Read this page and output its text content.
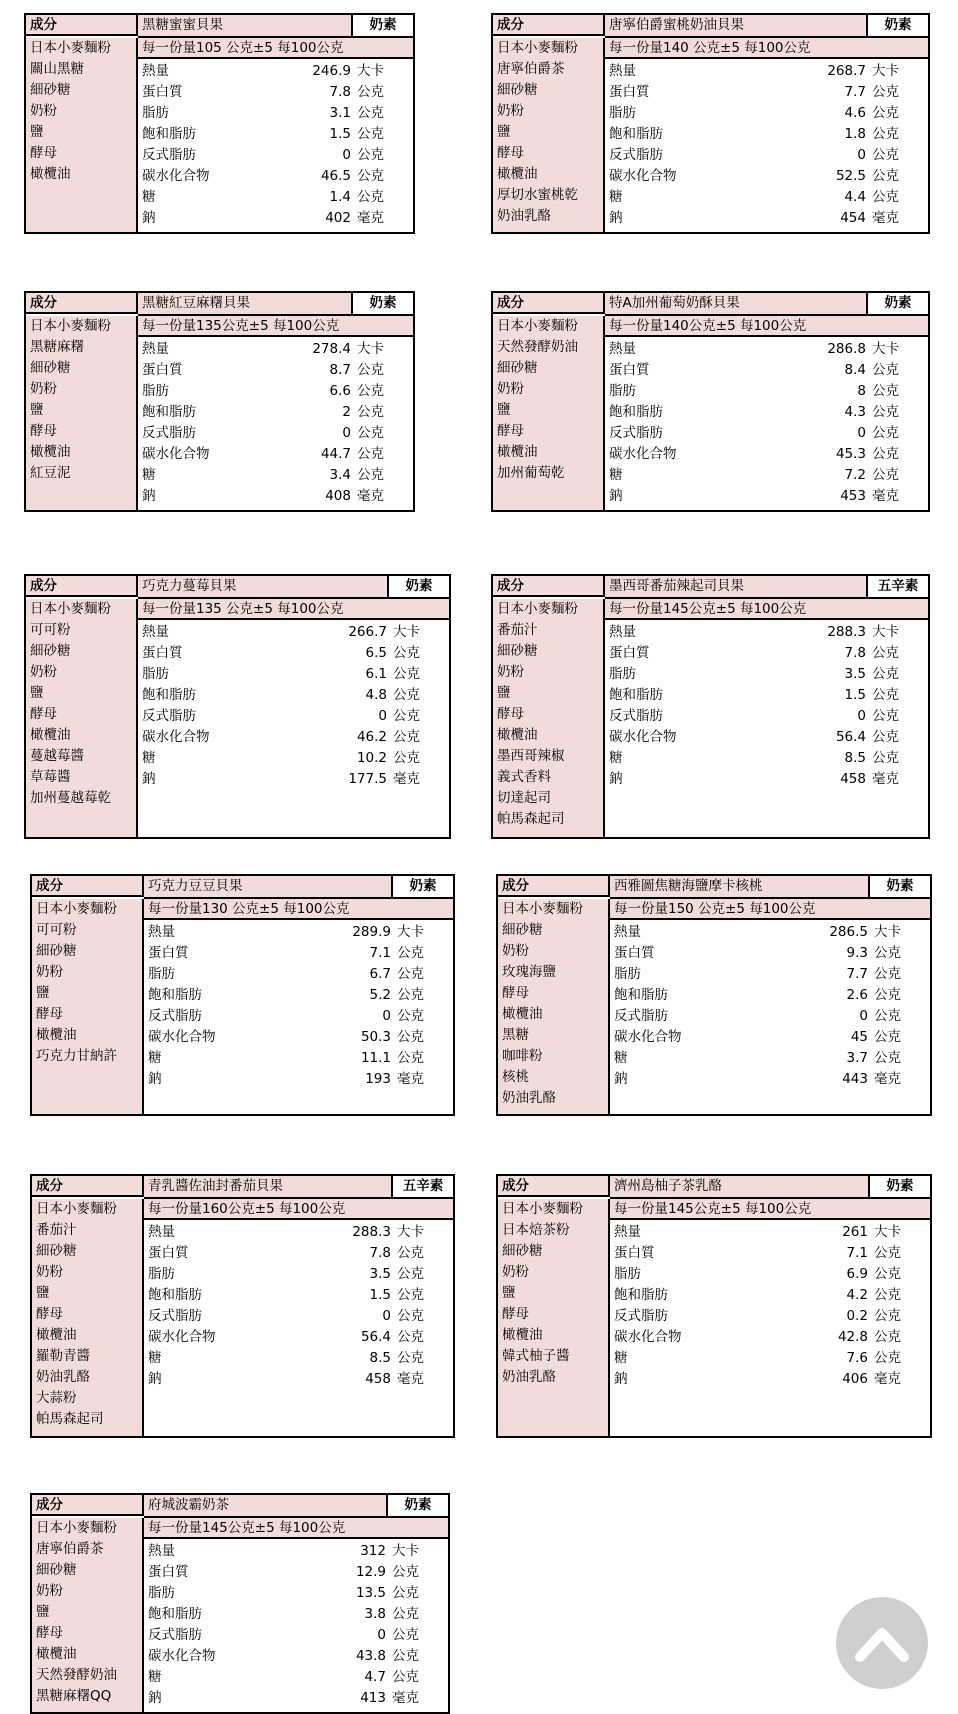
成分	黑糖蜜蜜貝果	奶素
日本小麥麵粉
關山黑糖
細砂糖
奶粉
鹽
酵母
橄欖油
每一份量105 公克±5 每100公克
熱量	246.9 大卡
蛋白質	7.8 公克
脂肪	3.1 公克
飽和脂肪	1.5 公克
反式脂肪	0 公克
碳水化合物	46.5 公克
糖	1.4 公克
鈉	402 毫克
成分	唐寧伯爵蜜桃奶油貝果	奶素
日本小麥麵粉
唐寧伯爵茶
細砂糖
奶粉
鹽
酵母
橄欖油
厚切水蜜桃乾
奶油乳酪
每一份量140 公克±5 每100公克
熱量	268.7 大卡
蛋白質	7.7 公克
脂肪	4.6 公克
飽和脂肪	1.8 公克
反式脂肪	0 公克
碳水化合物	52.5 公克
糖	4.4 公克
鈉	454 毫克
成分	黑糖紅豆麻糬貝果	奶素
日本小麥麵粉
黑糖麻糬
細砂糖
奶粉
鹽
酵母
橄欖油
紅豆泥
每一份量135公克±5 每100公克
熱量	278.4 大卡
蛋白質	8.7 公克
脂肪	6.6 公克
飽和脂肪	2 公克
反式脂肪	0 公克
碳水化合物	44.7 公克
糖	3.4 公克
鈉	408 毫克
成分	特A加州葡萄奶酥貝果	奶素
日本小麥麵粉
天然發酵奶油
細砂糖
奶粉
鹽
酵母
橄欖油
加州葡萄乾
每一份量140公克±5 每100公克
熱量	286.8 大卡
蛋白質	8.4 公克
脂肪	8 公克
飽和脂肪	4.3 公克
反式脂肪	0 公克
碳水化合物	45.3 公克
糖	7.2 公克
鈉	453 毫克
成分	巧克力蔓莓貝果	奶素
日本小麥麵粉
可可粉
細砂糖
奶粉
鹽
酵母
橄欖油
蔓越莓醬
草莓醬
加州蔓越莓乾
每一份量135 公克±5 每100公克
熱量	266.7 大卡
蛋白質	6.5 公克
脂肪	6.1 公克
飽和脂肪	4.8 公克
反式脂肪	0 公克
碳水化合物	46.2 公克
糖	10.2 公克
鈉	177.5 毫克
成分	墨西哥番茄辣起司貝果	五辛素
日本小麥麵粉
番茄汁
細砂糖
奶粉
鹽
酵母
橄欖油
墨西哥辣椒
義式香料
切達起司
帕馬森起司
每一份量145公克±5 每100公克
熱量	288.3 大卡
蛋白質	7.8 公克
脂肪	3.5 公克
飽和脂肪	1.5 公克
反式脂肪	0 公克
碳水化合物	56.4 公克
糖	8.5 公克
鈉	458 毫克
成分	巧克力豆豆貝果	奶素
日本小麥麵粉
可可粉
細砂糖
奶粉
鹽
酵母
橄欖油
巧克力甘納許
每一份量130 公克±5 每100公克
熱量	289.9 大卡
蛋白質	7.1 公克
脂肪	6.7 公克
飽和脂肪	5.2 公克
反式脂肪	0 公克
碳水化合物	50.3 公克
糖	11.1 公克
鈉	193 毫克
成分	西雅圖焦糖海鹽摩卡核桃	奶素
日本小麥麵粉
細砂糖
奶粉
玫瑰海鹽
酵母
橄欖油
黑糖
咖啡粉
核桃
奶油乳酪
每一份量150 公克±5 每100公克
熱量	286.5 大卡
蛋白質	9.3 公克
脂肪	7.7 公克
飽和脂肪	2.6 公克
反式脂肪	0 公克
碳水化合物	45 公克
糖	3.7 公克
鈉	443 毫克
成分	青乳醬佐油封番茄貝果	五辛素
日本小麥麵粉
番茄汁
細砂糖
奶粉
鹽
酵母
橄欖油
羅勒青醬
奶油乳酪
大蒜粉
帕馬森起司
每一份量160公克±5 每100公克
熱量	288.3 大卡
蛋白質	7.8 公克
脂肪	3.5 公克
飽和脂肪	1.5 公克
反式脂肪	0 公克
碳水化合物	56.4 公克
糖	8.5 公克
鈉	458 毫克
成分	濟州島柚子茶乳酪	奶素
日本小麥麵粉
日本焙茶粉
細砂糖
奶粉
鹽
酵母
橄欖油
韓式柚子醬
奶油乳酪
每一份量145公克±5 每100公克
熱量	261 大卡
蛋白質	7.1 公克
脂肪	6.9 公克
飽和脂肪	4.2 公克
反式脂肪	0.2 公克
碳水化合物	42.8 公克
糖	7.6 公克
鈉	406 毫克
成分	府城波霸奶茶	奶素
日本小麥麵粉
唐寧伯爵茶
細砂糖
奶粉
鹽
酵母
橄欖油
天然發酵奶油
黑糖麻糬QQ
每一份量145公克±5 每100公克
熱量	312 大卡
蛋白質	12.9 公克
脂肪	13.5 公克
飽和脂肪	3.8 公克
反式脂肪	0 公克
碳水化合物	43.8 公克
糖	4.7 公克
鈉	413 毫克
